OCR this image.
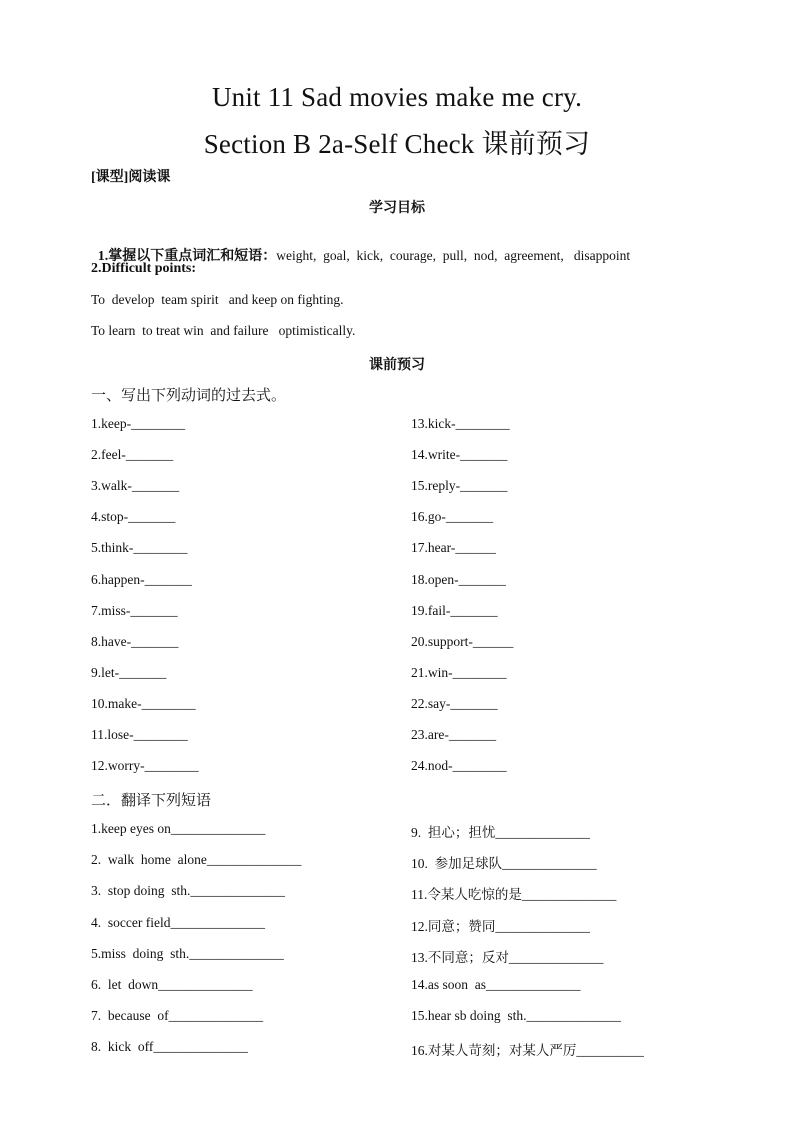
Unit 11 Sad movies make me cry.
Section B 2a-Self Check 课前预习
[课型]阅读课
学习目标

1.掌握以下重点词汇和短语：weight,  goal,  kick,  courage,  pull,  nod,  agreement,   disappoint

2.Difficult points:
To  develop  team spirit   and keep on fighting.
To learn  to treat win  and failure   optimistically.
课前预习
一、写出下列动词的过去式。
1.keep-________	13.kick-________
2.feel-_______	14.write-_______
3.walk-_______	15.reply-_______
4.stop-_______	16.go-_______
5.think-________	17.hear-______
6.happen-_______	18.open-_______
7.miss-_______	19.fail-_______
8.have-_______	20.support-______
9.let-_______	21.win-________
10.make-________	22.say-_______
11.lose-________	23.are-_______
12.worry-________	24.nod-________
二．翻译下列短语
1.keep eyes on______________	9.  担心；担忧______________
2.  walk  home  alone______________	10.  参加足球队______________
3.  stop doing  sth.______________	11.令某人吃惊的是______________
4.  soccer field______________	12.同意；赞同______________
5.miss  doing  sth.______________	13.不同意；反对______________
6.  let  down______________	14.as soon  as______________
7.  because  of______________	15.hear sb doing  sth.______________
8.  kick  off______________	16.对某人苛刻；对某人严厉__________
